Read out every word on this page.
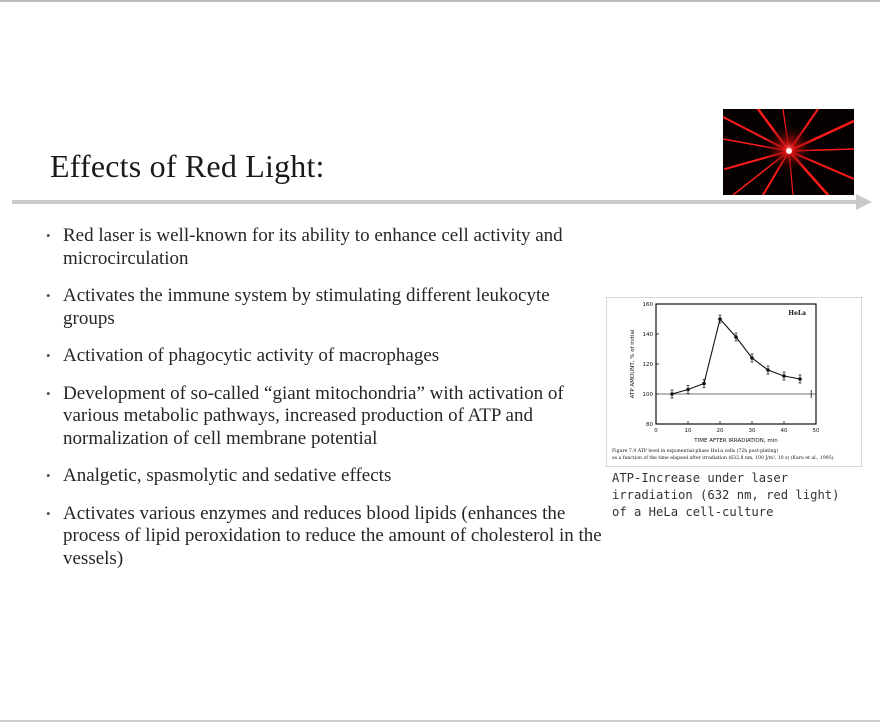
Effects of Red Light:
• Red laser is well-known for its ability to enhance cell activity and microcirculation
• Activates the immune system by stimulating different leukocyte groups
• Activation of phagocytic activity of macrophages
• Development of so-called “giant mitochondria” with activation of various metabolic pathways, increased production of ATP and normalization of cell membrane potential
• Analgetic, spasmolytic and sedative effects
• Activates various enzymes and reduces blood lipids (enhances the process of lipid peroxidation to reduce the amount of cholesterol in the vessels)
HeLa
ATP AMOUNT, % of initial
TIME AFTER IRRADIATION, min
Figure 7.9 ATP level in exponential-phase HeLa cells (72h post-plating) as a function of the time elapsed after irradiation (632.8 nm, 100 J/m², 10 s) (Karu et al., 1995).
80
100
120
140
160
0	10	20	30	40	50
ATP-Increase under laser irradiation (632 nm, red light) of a HeLa cell-culture
